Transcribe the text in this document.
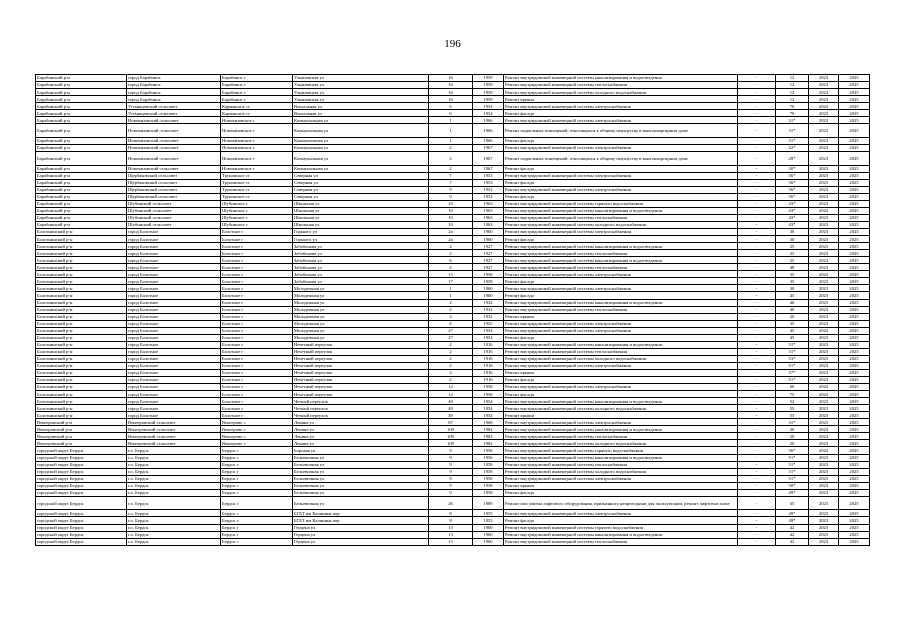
196
Барабинский р-н	город Барабинск	Барабинск г	Ульяновская ул	16	1959	Ремонт внутридомовой инженерной системы канализирования и водоотведения	-	12	2023	2025
Барабинский р-н	город Барабинск	Барабинск г	Ульяновская ул	16	1959	Ремонт внутридомовой инженерной системы теплоснабжения	-	12	2023	2025
Барабинский р-н	город Барабинск	Барабинск г	Ульяновская ул	16	1959	Ремонт внутридомовой инженерной системы холодного водоснабжения	-	12	2023	2025
Барабинский р-н	город Барабинск	Барабинск г	Ульяновская ул	16	1959	Ремонт крыши	-	12	2023	2025
Барабинский р-н	Устьянцевский сельсовет	Кармакское ст	Вокзальная ул	6	1954	Ремонт внутридомовой инженерной системы электроснабжения	-	70	2023	2025
Барабинский р-н	Устьянцевский сельсовет	Кармакское ст	Вокзальная ул	6	1954	Ремонт фасада	-	70	2023	2025
Барабинский р-н	Новочановский сельсовет	Новочановское с	Коммунальная ул	1	1966	Ремонт внутридомовой инженерной системы электроснабжения	-	31*	2023	2025
Барабинский р-н	Новочановский сельсовет	Новочановское с	Коммунальная ул	1	1966	Ремонт подвальных помещений, относящихся к общему имуществу в многоквартирном доме	-	31*	2023	2025
Барабинский р-н	Новочановский сельсовет	Новочановское с	Коммунальная ул	1	1966	Ремонт фасада	-	31*	2023	2025
Барабинский р-н	Новочановский сельсовет	Новочановское с	Коммунальная ул	2	1967	Ремонт внутридомовой инженерной системы электроснабжения	-	32*	2023	2025
Барабинский р-н	Новочановский сельсовет	Новочановское с	Коммунальная ул	2	1967	Ремонт подвальных помещений, относящихся к общему имуществу в многоквартирном доме	-	28*	2023	2025
Барабинский р-н	Новочановский сельсовет	Новочановское с	Коммунальная ул	2	1967	Ремонт фасада	-	30*	2023	2025
Барабинский р-н	Щербаковский сельсовет	Труновское ст	Северная ул	7	1953	Ремонт внутридомовой инженерной системы электроснабжения	-	56*	2023	2025
Барабинский р-н	Щербаковский сельсовет	Труновское ст	Северная ул	7	1953	Ремонт фасада	-	56*	2023	2025
Барабинский р-н	Щербаковский сельсовет	Труновское ст	Северная ул	9	1952	Ремонт внутридомовой инженерной системы электроснабжения	-	56*	2023	2025
Барабинский р-н	Щербаковский сельсовет	Труновское ст	Северная ул	9	1952	Ремонт фасада	-	56*	2023	2025
Барабинский р-н	Шубинский сельсовет	Шубинское с	Школьная ул	10	1963	Ремонт внутридомовой инженерной системы горячего водоснабжения	-	43*	2023	2025
Барабинский р-н	Шубинский сельсовет	Шубинское с	Школьная ул	10	1963	Ремонт внутридомовой инженерной системы канализирования и водоотведения	-	43*	2023	2025
Барабинский р-н	Шубинский сельсовет	Шубинское с	Школьная ул	10	1963	Ремонт внутридомовой инженерной системы теплоснабжения	-	43*	2023	2025
Барабинский р-н	Шубинский сельсовет	Шубинское с	Школьная ул	10	1963	Ремонт внутридомовой инженерной системы холодного водоснабжения	-	43*	2023	2025
Болотнинский р-н	город Болотное	Болотное г	Горького ул	2а	1960	Ремонт внутридомовой инженерной системы электроснабжения	-	30	2023	2025
Болотнинский р-н	город Болотное	Болотное г	Горького ул	2а	1960	Ремонт фасада	-	30	2023	2025
Болотнинский р-н	город Болотное	Болотное г	Забабонова ул	2	1927	Ремонт внутридомовой инженерной системы канализирования и водоотведения	-	25	2023	2025
Болотнинский р-н	город Болотное	Болотное г	Забабонова ул	2	1927	Ремонт внутридомовой инженерной системы теплоснабжения	-	25	2023	2025
Болотнинский р-н	город Болотное	Болотное г	Забабонова ул	6	1927	Ремонт внутридомовой инженерной системы канализирования и водоотведения	-	25	2023	2025
Болотнинский р-н	город Болотное	Болотное г	Забабонова ул	6	1927	Ремонт внутридомовой инженерной системы теплоснабжения	-	48	2023	2025
Болотнинский р-н	город Болотное	Болотное г	Забабонова ул	15	1958	Ремонт внутридомовой инженерной системы электроснабжения	-	35	2023	2025
Болотнинский р-н	город Болотное	Болотное г	Забабонова ул	17	1958	Ремонт фасада	-	35	2023	2025
Болотнинский р-н	город Болотное	Болотное г	Молодежная ул	1	1960	Ремонт внутридомовой инженерной системы электроснабжения	-	30	2023	2025
Болотнинский р-н	город Болотное	Болотное г	Молодежная ул	1	1960	Ремонт фасада	-	45	2023	2025
Болотнинский р-н	город Болотное	Болотное г	Молодежная ул	2	1932	Ремонт внутридомовой инженерной системы канализирования и водоотведения	-	46	2023	2025
Болотнинский р-н	город Болотное	Болотное г	Молодежная ул	2	1932	Ремонт внутридомовой инженерной системы теплоснабжения	-	40	2023	2025
Болотнинский р-н	город Болотное	Болотное г	Молодежная ул	2	1932	Ремонт крыши	-	20	2023	2025
Болотнинский р-н	город Болотное	Болотное г	Молодежная ул	6	1955	Ремонт внутридомовой инженерной системы электроснабжения	-	35	2023	2025
Болотнинский р-н	город Болотное	Болотное г	Молодежная ул	27	1954	Ремонт внутридомовой инженерной системы электроснабжения	-	45	2023	2025
Болотнинский р-н	город Болотное	Болотное г	Молодежная ул	27	1954	Ремонт фасада	-	45	2023	2025
Болотнинский р-н	город Болотное	Болотное г	Нечетный переулок	2	1916	Ремонт внутридомовой инженерной системы канализирования и водоотведения	-	51*	2023	2025
Болотнинский р-н	город Болотное	Болотное г	Нечетный переулок	2	1916	Ремонт внутридомовой инженерной системы теплоснабжения	-	51*	2023	2025
Болотнинский р-н	город Болотное	Болотное г	Нечетный переулок	2	1916	Ремонт внутридомовой инженерной системы холодного водоснабжения	-	53*	2023	2025
Болотнинский р-н	город Болотное	Болотное г	Нечетный переулок	2	1916	Ремонт внутридомовой инженерной системы электроснабжения	-	51*	2023	2025
Болотнинский р-н	город Болотное	Болотное г	Нечетный переулок	2	1916	Ремонт крыши	-	57*	2023	2025
Болотнинский р-н	город Болотное	Болотное г	Нечетный переулок	2	1916	Ремонт фасада	-	51*	2023	2025
Болотнинский р-н	город Болотное	Болотное г	Нечетный переулок	12	1958	Ремонт внутридомовой инженерной системы электроснабжения	-	60	2023	2025
Болотнинский р-н	город Болотное	Болотное г	Нечетный переулок	12	1958	Ремонт фасада	-	75	2023	2025
Болотнинский р-н	город Болотное	Болотное г	Четный переулок	49	1954	Ремонт внутридомовой инженерной системы канализирования и водоотведения	-	52	2023	2025
Болотнинский р-н	город Болотное	Болотное г	Четный переулок	49	1954	Ремонт внутридомовой инженерной системы холодного водоснабжения	-	55	2023	2025
Болотнинский р-н	город Болотное	Болотное г	Четный переулок	49	1954	Ремонт крыши	-	55	2023	2025
Венгеровский р-н	Венгеровский сельсовет	Венгерово с	Ленина ул	87	1968	Ремонт внутридомовой инженерной системы электроснабжения	-	31*	2023	2025
Венгеровский р-н	Венгеровский сельсовет	Венгерово с	Ленина ул	109	1982	Ремонт внутридомовой инженерной системы канализирования и водоотведения	-	20	2023	2025
Венгеровский р-н	Венгеровский сельсовет	Венгерово с	Ленина ул	109	1982	Ремонт внутридомовой инженерной системы теплоснабжения	-	20	2023	2025
Венгеровский р-н	Венгеровский сельсовет	Венгерово с	Ленина ул	109	1982	Ремонт внутридомовой инженерной системы холодного водоснабжения	-	20	2023	2025
городской округ Бердск	г.о. Бердск	Бердск г	Боровая ул	9	1956	Ремонт внутридомовой инженерной системы горячего водоснабжения	-	56*	2023	2025
городской округ Бердск	г.о. Бердск	Бердск г	Бельевичная ул	9	1956	Ремонт внутридомовой инженерной системы канализирования и водоотведения	-	51*	2023	2025
городской округ Бердск	г.о. Бердск	Бердск г	Бельевичная ул	9	1958	Ремонт внутридомовой инженерной системы теплоснабжения	-	51*	2023	2025
городской округ Бердск	г.о. Бердск	Бердск г	Бельевичная ул	9	1958	Ремонт внутридомовой инженерной системы холодного водоснабжения	-	51*	2023	2025
городской округ Бердск	г.о. Бердск	Бердск г	Бельевичная ул	9	1958	Ремонт внутридомовой инженерной системы электроснабжения	-	51*	2023	2025
городской округ Бердск	г.о. Бердск	Бердск г	Бельевичная ул	9	1958	Ремонт крыши	-	50*	2023	2025
городской округ Бердск	г.о. Бердск	Бердск г	Бельевичная ул	9	1958	Ремонт фасада	-	49*	2023	2025
городской округ Бердск	г.о. Бердск	Бердск г	Бельевичная ул	26	1989	Ремонт или замена лифтового оборудования, признанного непригодным для эксплуатации, ремонт лифтовых шахт	-	35	2023	2025
городской округ Бердск	г.о. Бердск	Бердск г	БГБТ им Калинина пер	8	1955	Ремонт внутридомовой инженерной системы электроснабжения	-	49*	2023	2025
городской округ Бердск	г.о. Бердск	Бердск г	БГБТ им Калинина пер	8	1955	Ремонт фасада	-	49*	2023	2025
городской округ Бердск	г.о. Бердск	Бердск г	Герцена ул	13	1960	Ремонт внутридомовой инженерной системы горячего водоснабжения	-	42	2023	2025
городской округ Бердск	г.о. Бердск	Бердск г	Герцена ул	13	1960	Ремонт внутридомовой инженерной системы канализирования и водоотведения	-	42	2023	2025
городской округ Бердск	г.о. Бердск	Бердск г	Герцена ул	13	1960	Ремонт внутридомовой инженерной системы теплоснабжения	-	42	2023	2025
